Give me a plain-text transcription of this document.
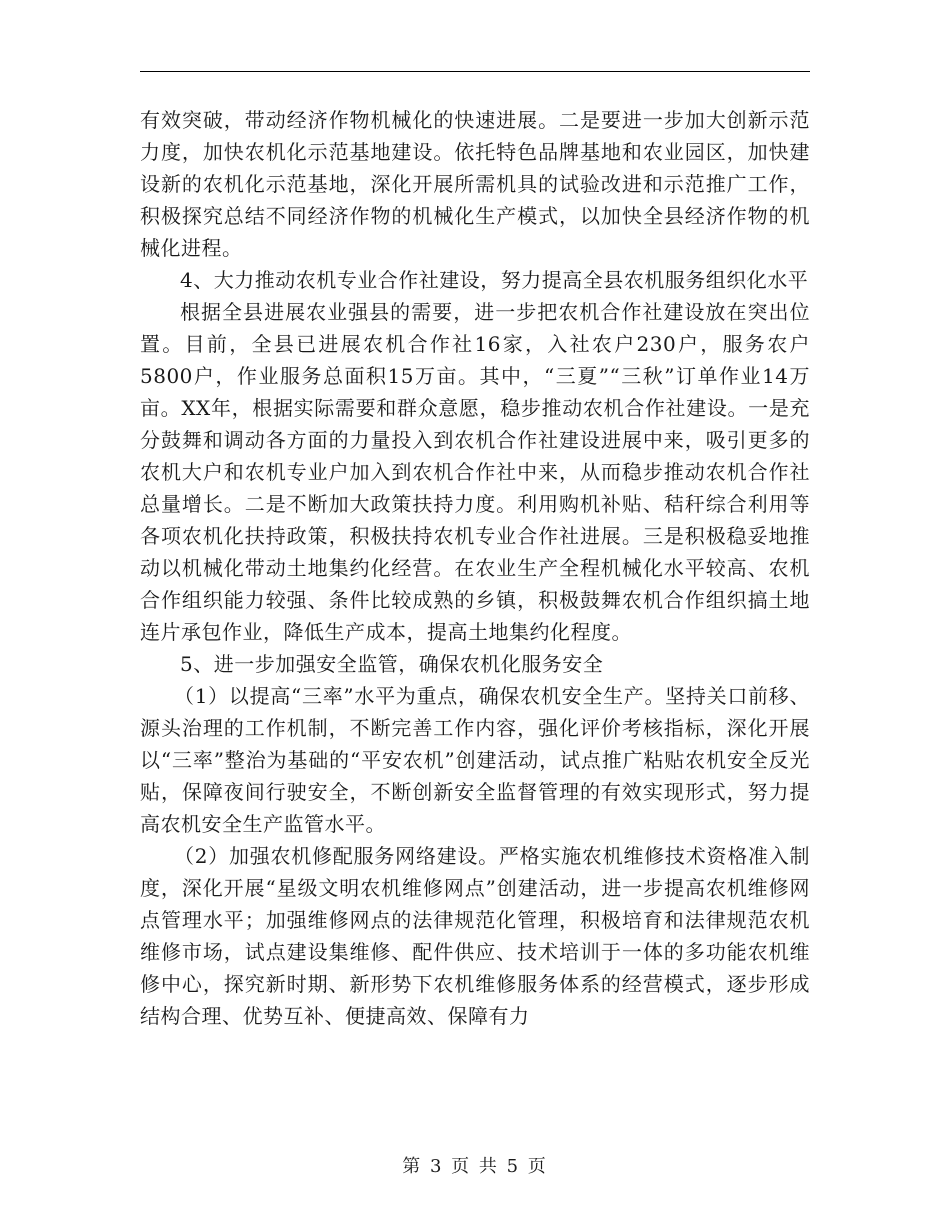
有效突破，带动经济作物机械化的快速进展。二是要进一步加大创新示范力度，加快农机化示范基地建设。依托特色品牌基地和农业园区，加快建设新的农机化示范基地，深化开展所需机具的试验改进和示范推广工作，积极探究总结不同经济作物的机械化生产模式，以加快全县经济作物的机械化进程。

4、大力推动农机专业合作社建设，努力提高全县农机服务组织化水平

根据全县进展农业强县的需要，进一步把农机合作社建设放在突出位置。目前，全县已进展农机合作社16家，入社农户230户，服务农户5800户，作业服务总面积15万亩。其中，“三夏”“三秋”订单作业14万亩。XX年，根据实际需要和群众意愿，稳步推动农机合作社建设。一是充分鼓舞和调动各方面的力量投入到农机合作社建设进展中来，吸引更多的农机大户和农机专业户加入到农机合作社中来，从而稳步推动农机合作社总量增长。二是不断加大政策扶持力度。利用购机补贴、秸秆综合利用等各项农机化扶持政策，积极扶持农机专业合作社进展。三是积极稳妥地推动以机械化带动土地集约化经营。在农业生产全程机械化水平较高、农机合作组织能力较强、条件比较成熟的乡镇，积极鼓舞农机合作组织搞土地连片承包作业，降低生产成本，提高土地集约化程度。

5、进一步加强安全监管，确保农机化服务安全

（1）以提高“三率”水平为重点，确保农机安全生产。坚持关口前移、源头治理的工作机制，不断完善工作内容，强化评价考核指标，深化开展以“三率”整治为基础的“平安农机”创建活动，试点推广粘贴农机安全反光贴，保障夜间行驶安全，不断创新安全监督管理的有效实现形式，努力提高农机安全生产监管水平。

（2）加强农机修配服务网络建设。严格实施农机维修技术资格准入制度，深化开展“星级文明农机维修网点”创建活动，进一步提高农机维修网点管理水平；加强维修网点的法律规范化管理，积极培育和法律规范农机维修市场，试点建设集维修、配件供应、技术培训于一体的多功能农机维修中心，探究新时期、新形势下农机维修服务体系的经营模式，逐步形成结构合理、优势互补、便捷高效、保障有力

第 3 页 共 5 页
